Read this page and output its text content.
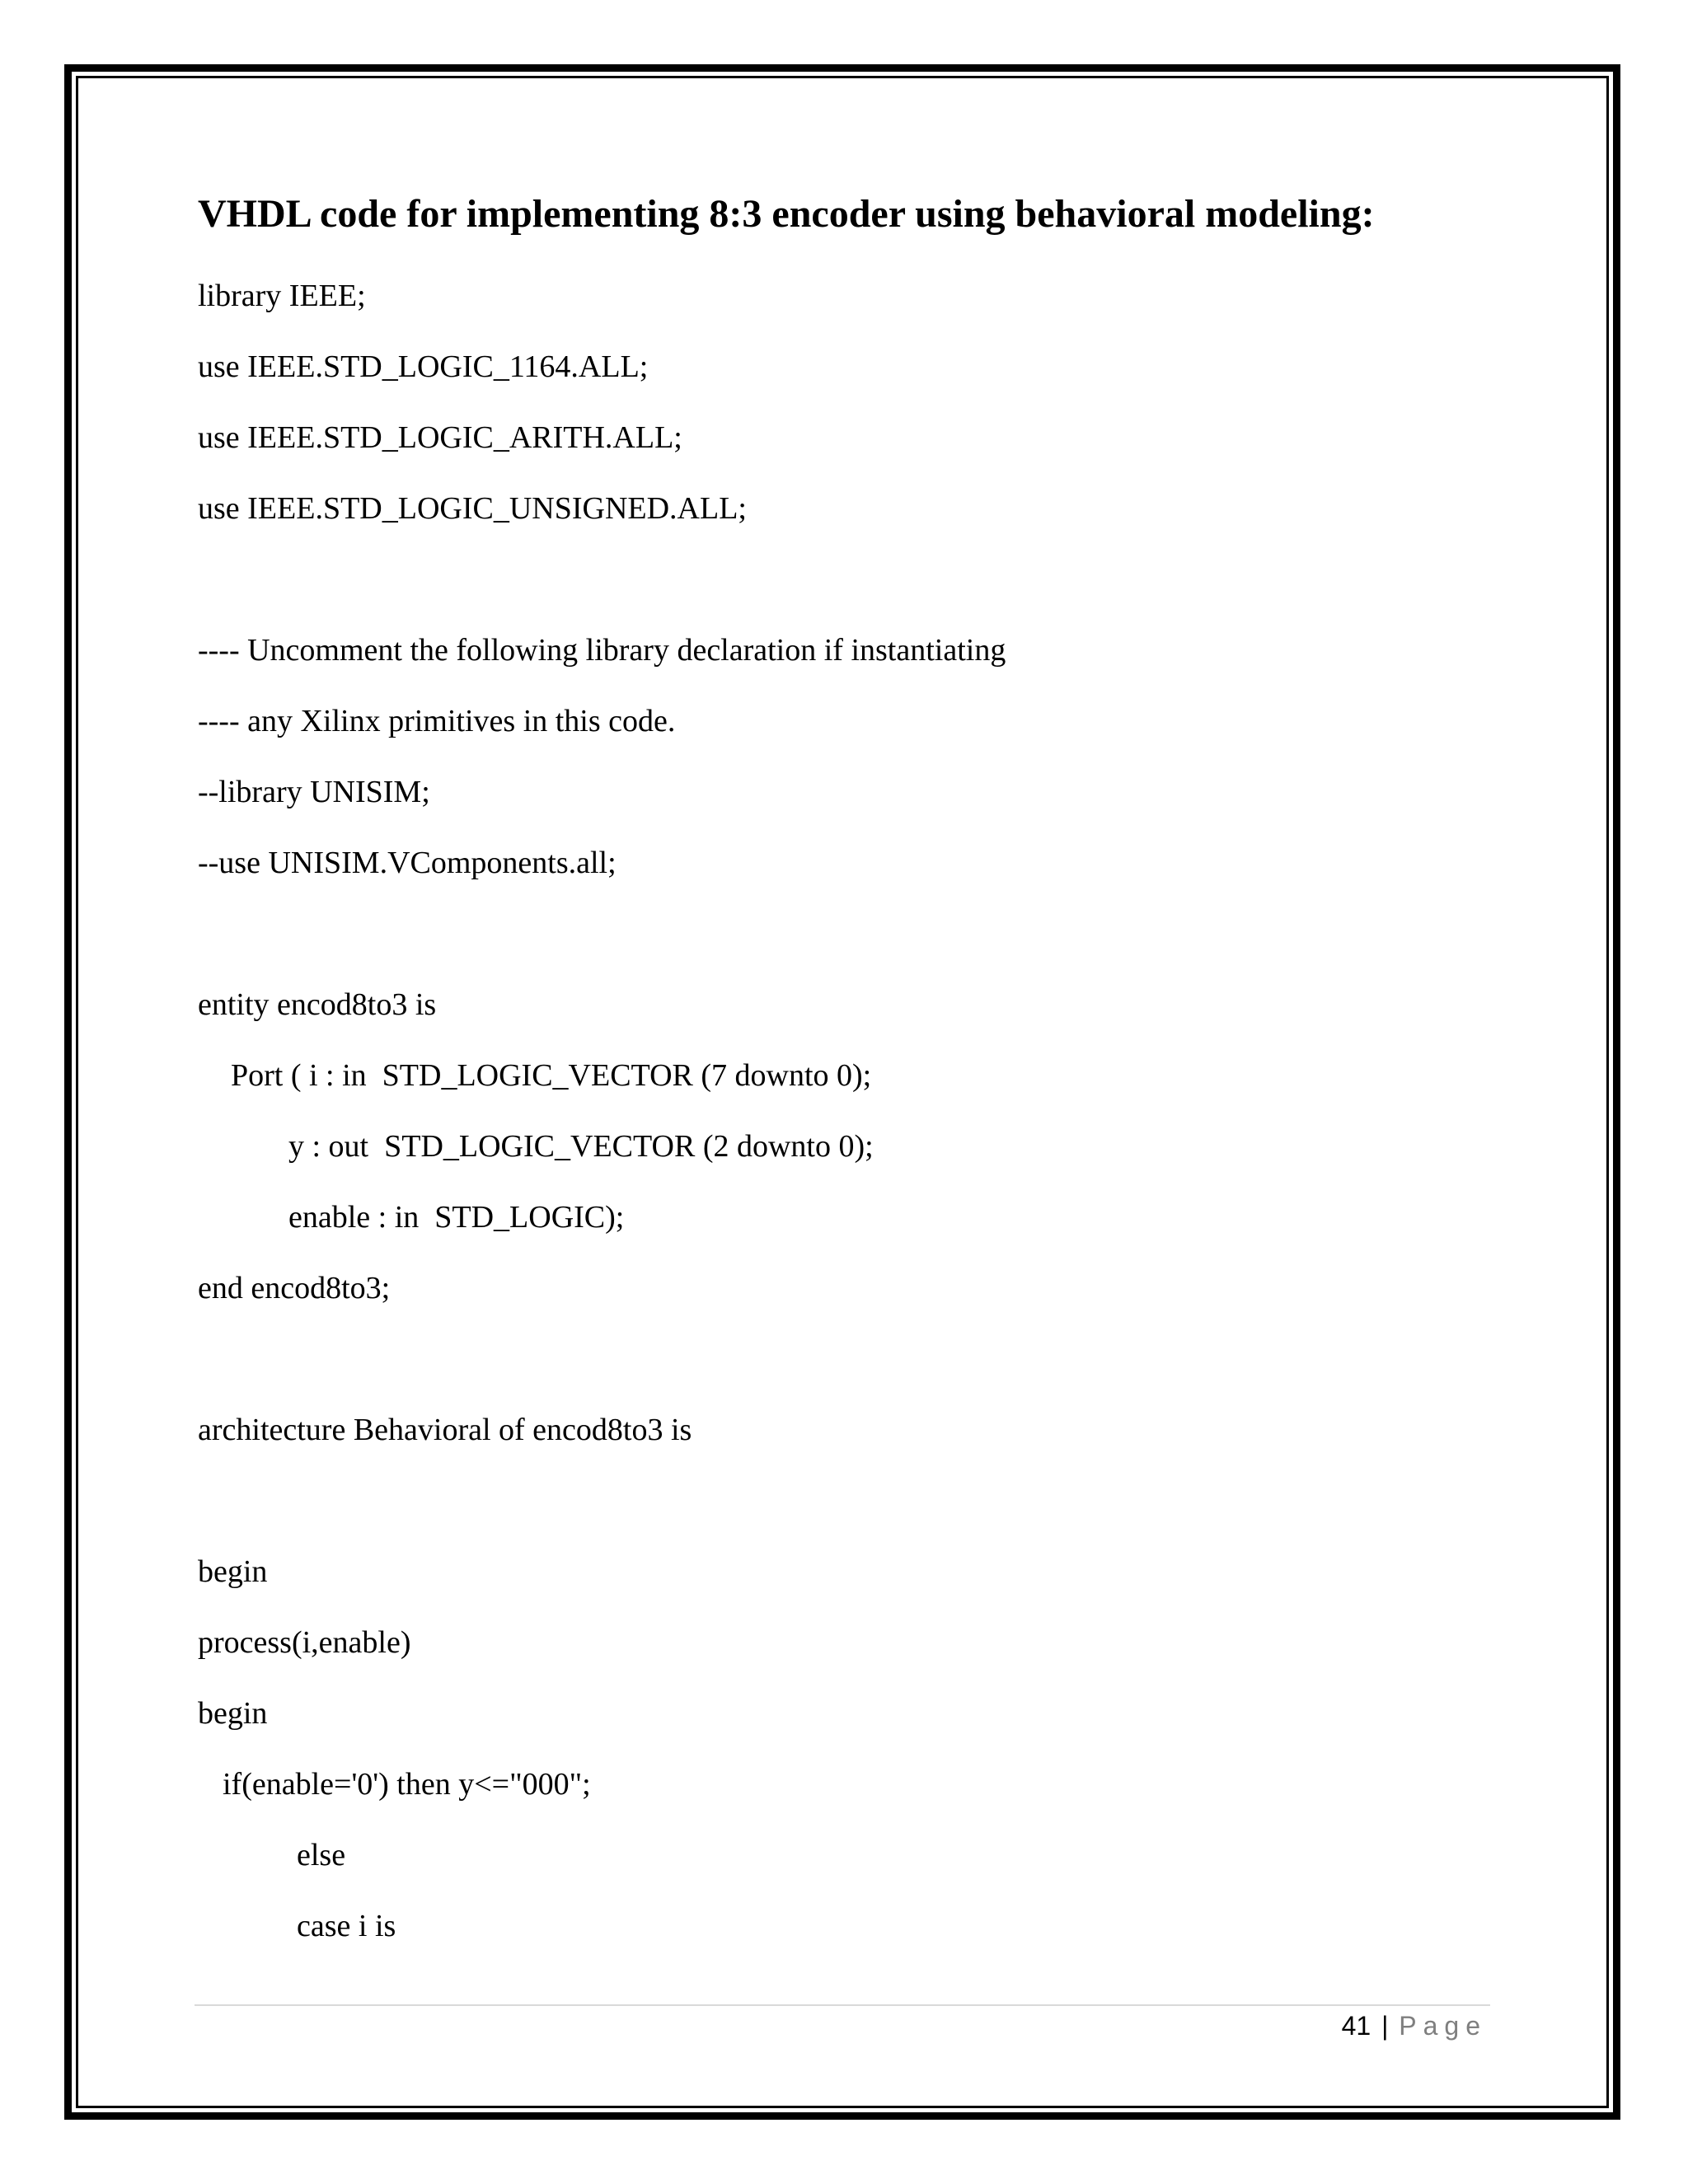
VHDL code for implementing 8:3 encoder using behavioral modeling:
library IEEE;
use IEEE.STD_LOGIC_1164.ALL;
use IEEE.STD_LOGIC_ARITH.ALL;
use IEEE.STD_LOGIC_UNSIGNED.ALL;
---- Uncomment the following library declaration if instantiating
---- any Xilinx primitives in this code.
--library UNISIM;
--use UNISIM.VComponents.all;
entity encod8to3 is
Port ( i : in  STD_LOGIC_VECTOR (7 downto 0);
y : out  STD_LOGIC_VECTOR (2 downto 0);
enable : in  STD_LOGIC);
end encod8to3;
architecture Behavioral of encod8to3 is
begin
process(i,enable)
begin
if(enable='0') then y<="000";
else
case i is
41 | Page
